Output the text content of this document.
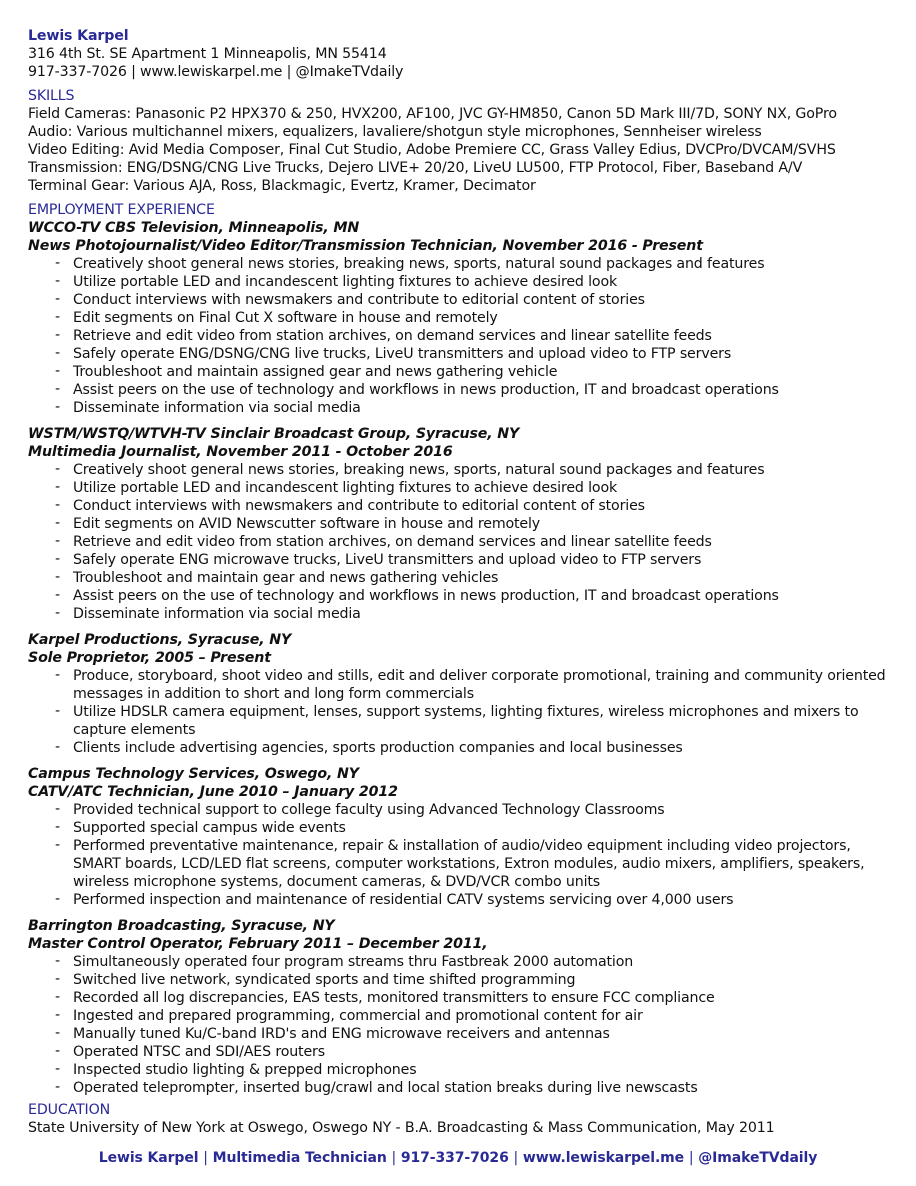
Lewis Karpel
316 4th St. SE Apartment 1 Minneapolis, MN 55414
917-337-7026 | www.lewiskarpel.me | @ImakeTVdaily
SKILLS
Field Cameras: Panasonic P2 HPX370 & 250, HVX200, AF100, JVC GY-HM850, Canon 5D Mark III/7D, SONY NX, GoPro
Audio: Various multichannel mixers, equalizers, lavaliere/shotgun style microphones, Sennheiser wireless
Video Editing: Avid Media Composer, Final Cut Studio, Adobe Premiere CC, Grass Valley Edius, DVCPro/DVCAM/SVHS
Transmission: ENG/DSNG/CNG Live Trucks, Dejero LIVE+ 20/20, LiveU LU500, FTP Protocol, Fiber, Baseband A/V
Terminal Gear: Various AJA, Ross, Blackmagic, Evertz, Kramer, Decimator
EMPLOYMENT EXPERIENCE
WCCO-TV CBS Television, Minneapolis, MN
News Photojournalist/Video Editor/Transmission Technician, November 2016 - Present
- Creatively shoot general news stories, breaking news, sports, natural sound packages and features
- Utilize portable LED and incandescent lighting fixtures to achieve desired look
- Conduct interviews with newsmakers and contribute to editorial content of stories
- Edit segments on Final Cut X software in house and remotely
- Retrieve and edit video from station archives, on demand services and linear satellite feeds
- Safely operate ENG/DSNG/CNG live trucks, LiveU transmitters and upload video to FTP servers
- Troubleshoot and maintain assigned gear and news gathering vehicle
- Assist peers on the use of technology and workflows in news production, IT and broadcast operations
- Disseminate information via social media
WSTM/WSTQ/WTVH-TV Sinclair Broadcast Group, Syracuse, NY
Multimedia Journalist, November 2011 - October 2016
- Creatively shoot general news stories, breaking news, sports, natural sound packages and features
- Utilize portable LED and incandescent lighting fixtures to achieve desired look
- Conduct interviews with newsmakers and contribute to editorial content of stories
- Edit segments on AVID Newscutter software in house and remotely
- Retrieve and edit video from station archives, on demand services and linear satellite feeds
- Safely operate ENG microwave trucks, LiveU transmitters and upload video to FTP servers
- Troubleshoot and maintain gear and news gathering vehicles
- Assist peers on the use of technology and workflows in news production, IT and broadcast operations
- Disseminate information via social media
Karpel Productions, Syracuse, NY
Sole Proprietor, 2005 – Present
- Produce, storyboard, shoot video and stills, edit and deliver corporate promotional, training and community oriented messages in addition to short and long form commercials
- Utilize HDSLR camera equipment, lenses, support systems, lighting fixtures, wireless microphones and mixers to capture elements
- Clients include advertising agencies, sports production companies and local businesses
Campus Technology Services, Oswego, NY
CATV/ATC Technician, June 2010 – January 2012
- Provided technical support to college faculty using Advanced Technology Classrooms
- Supported special campus wide events
- Performed preventative maintenance, repair & installation of audio/video equipment including video projectors, SMART boards, LCD/LED flat screens, computer workstations, Extron modules, audio mixers, amplifiers, speakers, wireless microphone systems, document cameras, & DVD/VCR combo units
- Performed inspection and maintenance of residential CATV systems servicing over 4,000 users
Barrington Broadcasting, Syracuse, NY
Master Control Operator, February 2011 – December 2011,
- Simultaneously operated four program streams thru Fastbreak 2000 automation
- Switched live network, syndicated sports and time shifted programming
- Recorded all log discrepancies, EAS tests, monitored transmitters to ensure FCC compliance
- Ingested and prepared programming, commercial and promotional content for air
- Manually tuned Ku/C-band IRD's and ENG microwave receivers and antennas
- Operated NTSC and SDI/AES routers
- Inspected studio lighting & prepped microphones
- Operated teleprompter, inserted bug/crawl and local station breaks during live newscasts
EDUCATION
State University of New York at Oswego, Oswego NY - B.A. Broadcasting & Mass Communication, May 2011
Lewis Karpel | Multimedia Technician | 917-337-7026 | www.lewiskarpel.me | @ImakeTVdaily
